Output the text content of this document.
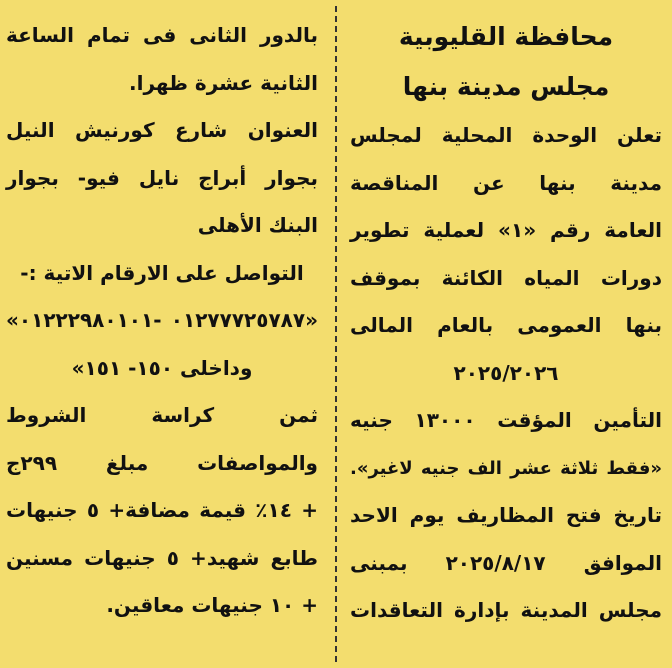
محافظة القليوبية
مجلس مدينة بنها
تعلن الوحدة المحلية لمجلس
مدينة بنها عن المناقصة
العامة رقم «١» لعملية تطوير
دورات المياه الكائنة بموقف
بنها العمومى بالعام المالى
٢٠٢٥/٢٠٢٦
التأمين المؤقت ١٣٠٠٠ جنيه
«فقط ثلاثة عشر الف جنيه لاغير».
تاريخ فتح المظاريف يوم الاحد
الموافق ٢٠٢٥/٨/١٧ بمبنى
مجلس المدينة بإدارة التعاقدات
بالدور الثانى فى تمام الساعة
الثانية عشرة ظهرا.
العنوان شارع كورنيش النيل
بجوار أبراج نايل فيو- بجوار
البنك الأهلى
التواصل على الارقام الاتية :-
«٠١٢٧٧٧٢٥٧٨٧ -٠١٢٢٢٩٨٠١٠١»
وداخلى ١٥٠- ١٥١»
ثمن كراسة الشروط
والمواصفات مبلغ ٢٩٩ج
+ ١٤٪ قيمة مضافة+ ٥ جنيهات
طابع شهيد+ ٥ جنيهات مسنين
+ ١٠ جنيهات معاقين.
